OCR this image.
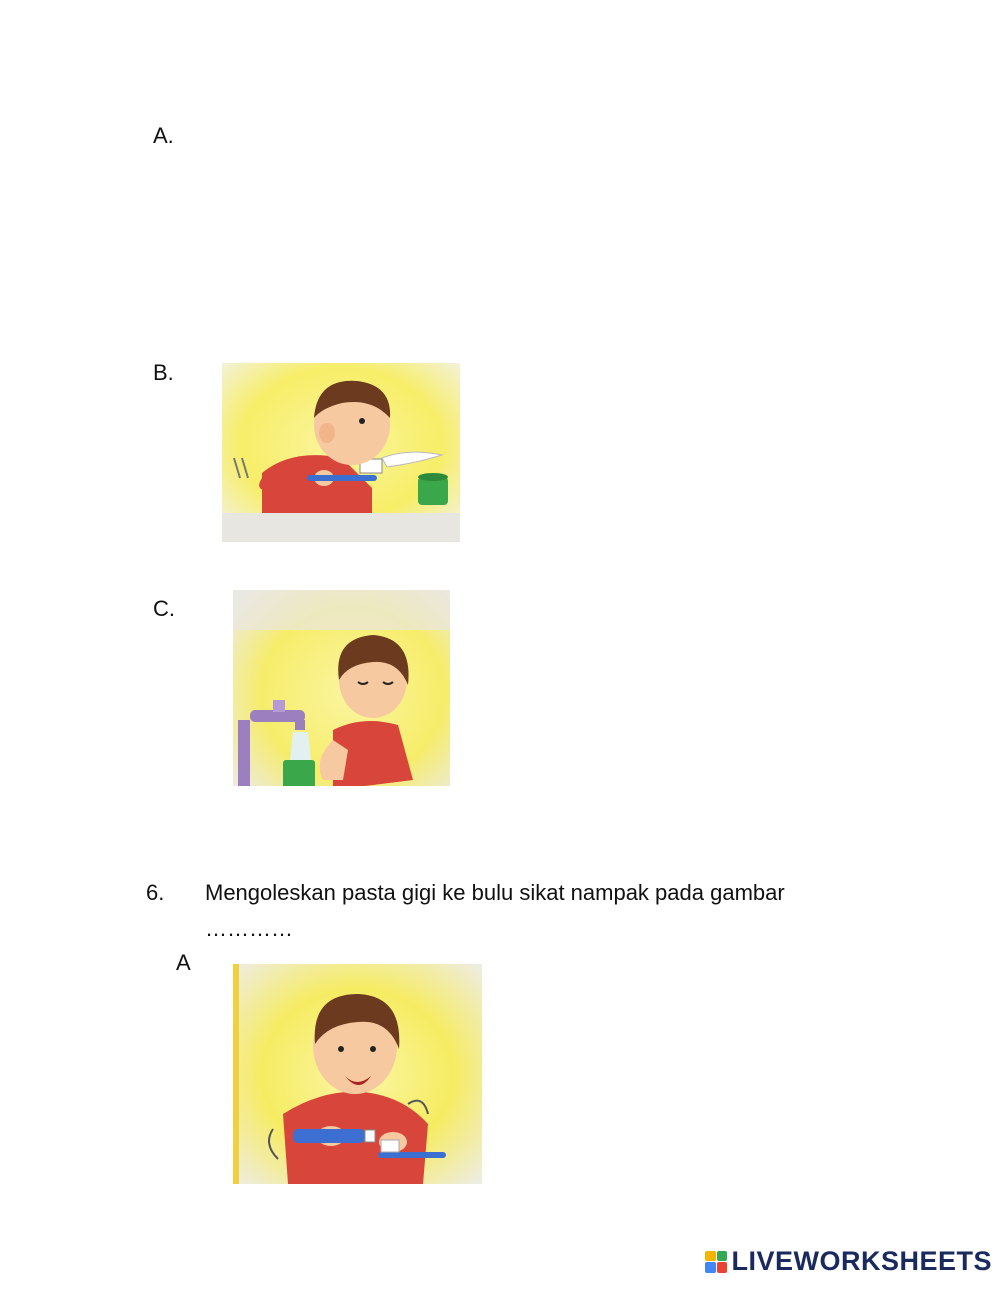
A.
B.
C.
6. Mengoleskan pasta gigi ke bulu sikat nampak pada gambar
…………
A
LIVEWORKSHEETS
